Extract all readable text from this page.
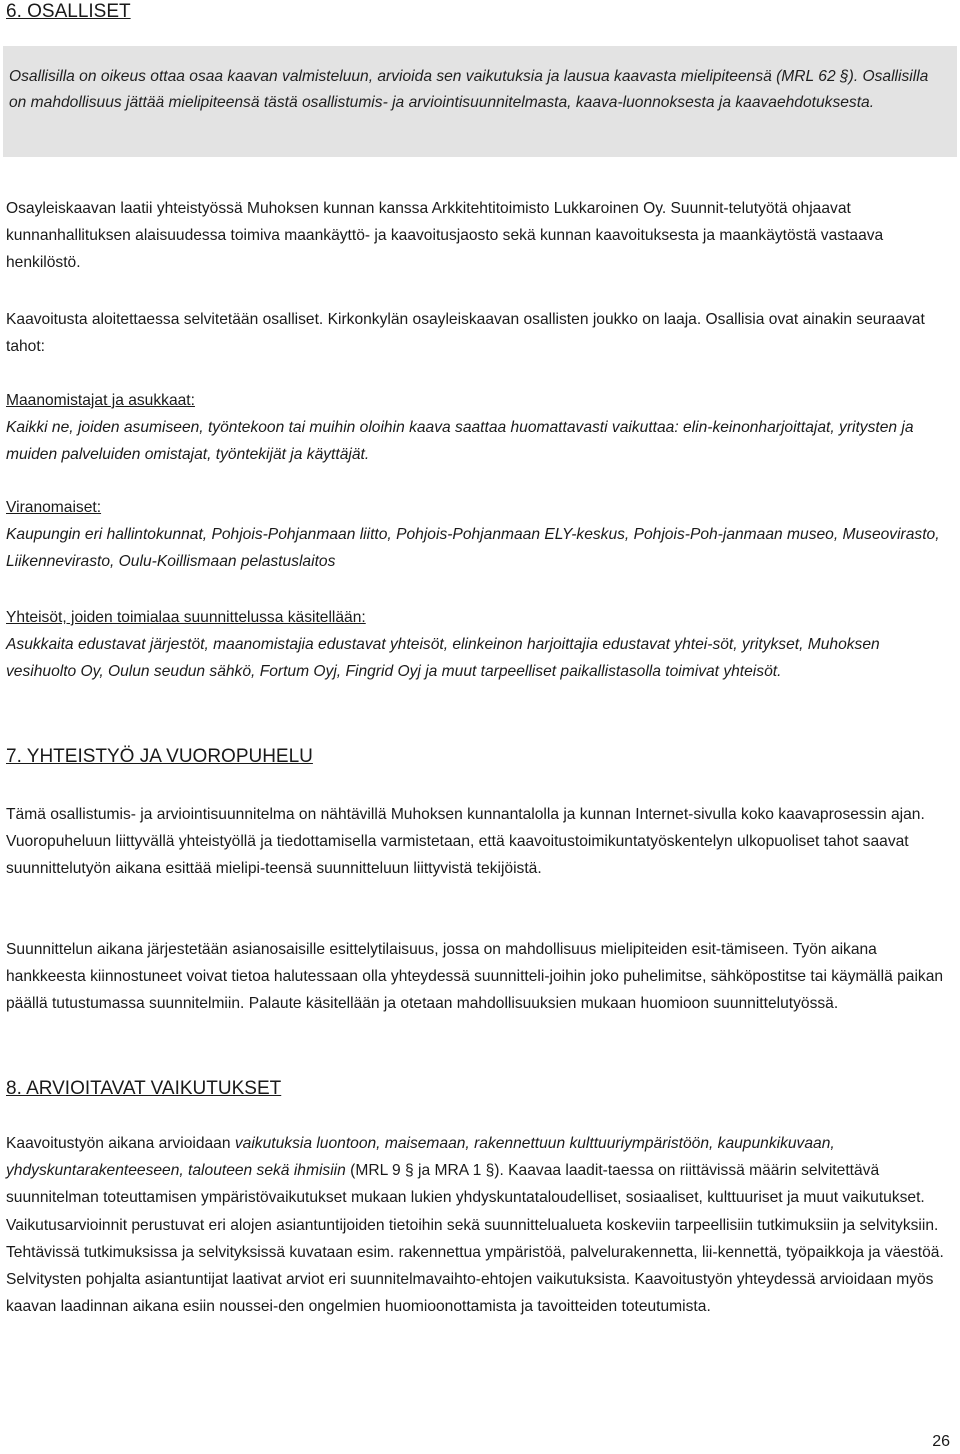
6. OSALLISET
Osallisilla on oikeus ottaa osaa kaavan valmisteluun, arvioida sen vaikutuksia ja lausua kaavasta mielipiteensä (MRL 62 §). Osallisilla on mahdollisuus jättää mielipiteensä tästä osallistumis- ja arviointisuunnitelmasta, kaava-luonnoksesta ja kaavaehdotuksesta.
Osayleiskaavan laatii yhteistyössä Muhoksen kunnan kanssa Arkkitehtitoimisto Lukkaroinen Oy. Suunnit-telutyötä ohjaavat kunnanhallituksen alaisuudessa toimiva maankäyttö- ja kaavoitusjaosto sekä kunnan kaavoituksesta ja maankäytöstä vastaava henkilöstö.
Kaavoitusta aloitettaessa selvitetään osalliset. Kirkonkylän osayleiskaavan osallisten joukko on laaja. Osallisia ovat ainakin seuraavat tahot:
Maanomistajat ja asukkaat:
Kaikki ne, joiden asumiseen, työntekoon tai muihin oloihin kaava saattaa huomattavasti vaikuttaa: elin-keinonharjoittajat, yritysten ja muiden palveluiden omistajat, työntekijät ja käyttäjät.
Viranomaiset:
Kaupungin eri hallintokunnat, Pohjois-Pohjanmaan liitto, Pohjois-Pohjanmaan ELY-keskus, Pohjois-Poh-janmaan museo, Museovirasto, Liikennevirasto, Oulu-Koillismaan pelastuslaitos
Yhteisöt, joiden toimialaa suunnittelussa käsitellään:
Asukkaita edustavat järjestöt, maanomistajia edustavat yhteisöt, elinkeinon harjoittajia edustavat yhtei-söt, yritykset, Muhoksen vesihuolto Oy, Oulun seudun sähkö, Fortum Oyj, Fingrid Oyj ja muut tarpeelliset paikallistasolla toimivat yhteisöt.
7. YHTEISTYÖ JA VUOROPUHELU
Tämä osallistumis- ja arviointisuunnitelma on nähtävillä Muhoksen kunnantalolla ja kunnan Internet-sivulla koko kaavaprosessin ajan. Vuoropuheluun liittyvällä yhteistyöllä ja tiedottamisella varmistetaan, että kaavoitustoimikuntatyöskentelyn ulkopuoliset tahot saavat suunnittelutyön aikana esittää mielipi-teensä suunnitteluun liittyvistä tekijöistä.
Suunnittelun aikana järjestetään asianosaisille esittelytilaisuus, jossa on mahdollisuus mielipiteiden esit-tämiseen. Työn aikana hankkeesta kiinnostuneet voivat tietoa halutessaan olla yhteydessä suunnitteli-joihin joko puhelimitse, sähköpostitse tai käymällä paikan päällä tutustumassa suunnitelmiin. Palaute käsitellään ja otetaan mahdollisuuksien mukaan huomioon suunnittelutyössä.
8. ARVIOITAVAT VAIKUTUKSET
Kaavoitustyön aikana arvioidaan vaikutuksia luontoon, maisemaan, rakennettuun kulttuuriympäristöön, kaupunkikuvaan, yhdyskuntarakenteeseen, talouteen sekä ihmisiin (MRL 9 § ja MRA 1 §). Kaavaa laadit-taessa on riittävissä määrin selvitettävä suunnitelman toteuttamisen ympäristövaikutukset mukaan lukien yhdyskuntataloudelliset, sosiaaliset, kulttuuriset ja muut vaikutukset. Vaikutusarvioinnit perustuvat eri alojen asiantuntijoiden tietoihin sekä suunnittelualueta koskeviin tarpeellisiin tutkimuksiin ja selvityksiin. Tehtävissä tutkimuksissa ja selvityksissä kuvataan esim. rakennettua ympäristöä, palvelurakennetta, lii-kennettä, työpaikkoja ja väestöä. Selvitysten pohjalta asiantuntijat laativat arviot eri suunnitelmavaihto-ehtojen vaikutuksista. Kaavoitustyön yhteydessä arvioidaan myös kaavan laadinnan aikana esiin noussei-den ongelmien huomioonottamista ja tavoitteiden toteutumista.
26
